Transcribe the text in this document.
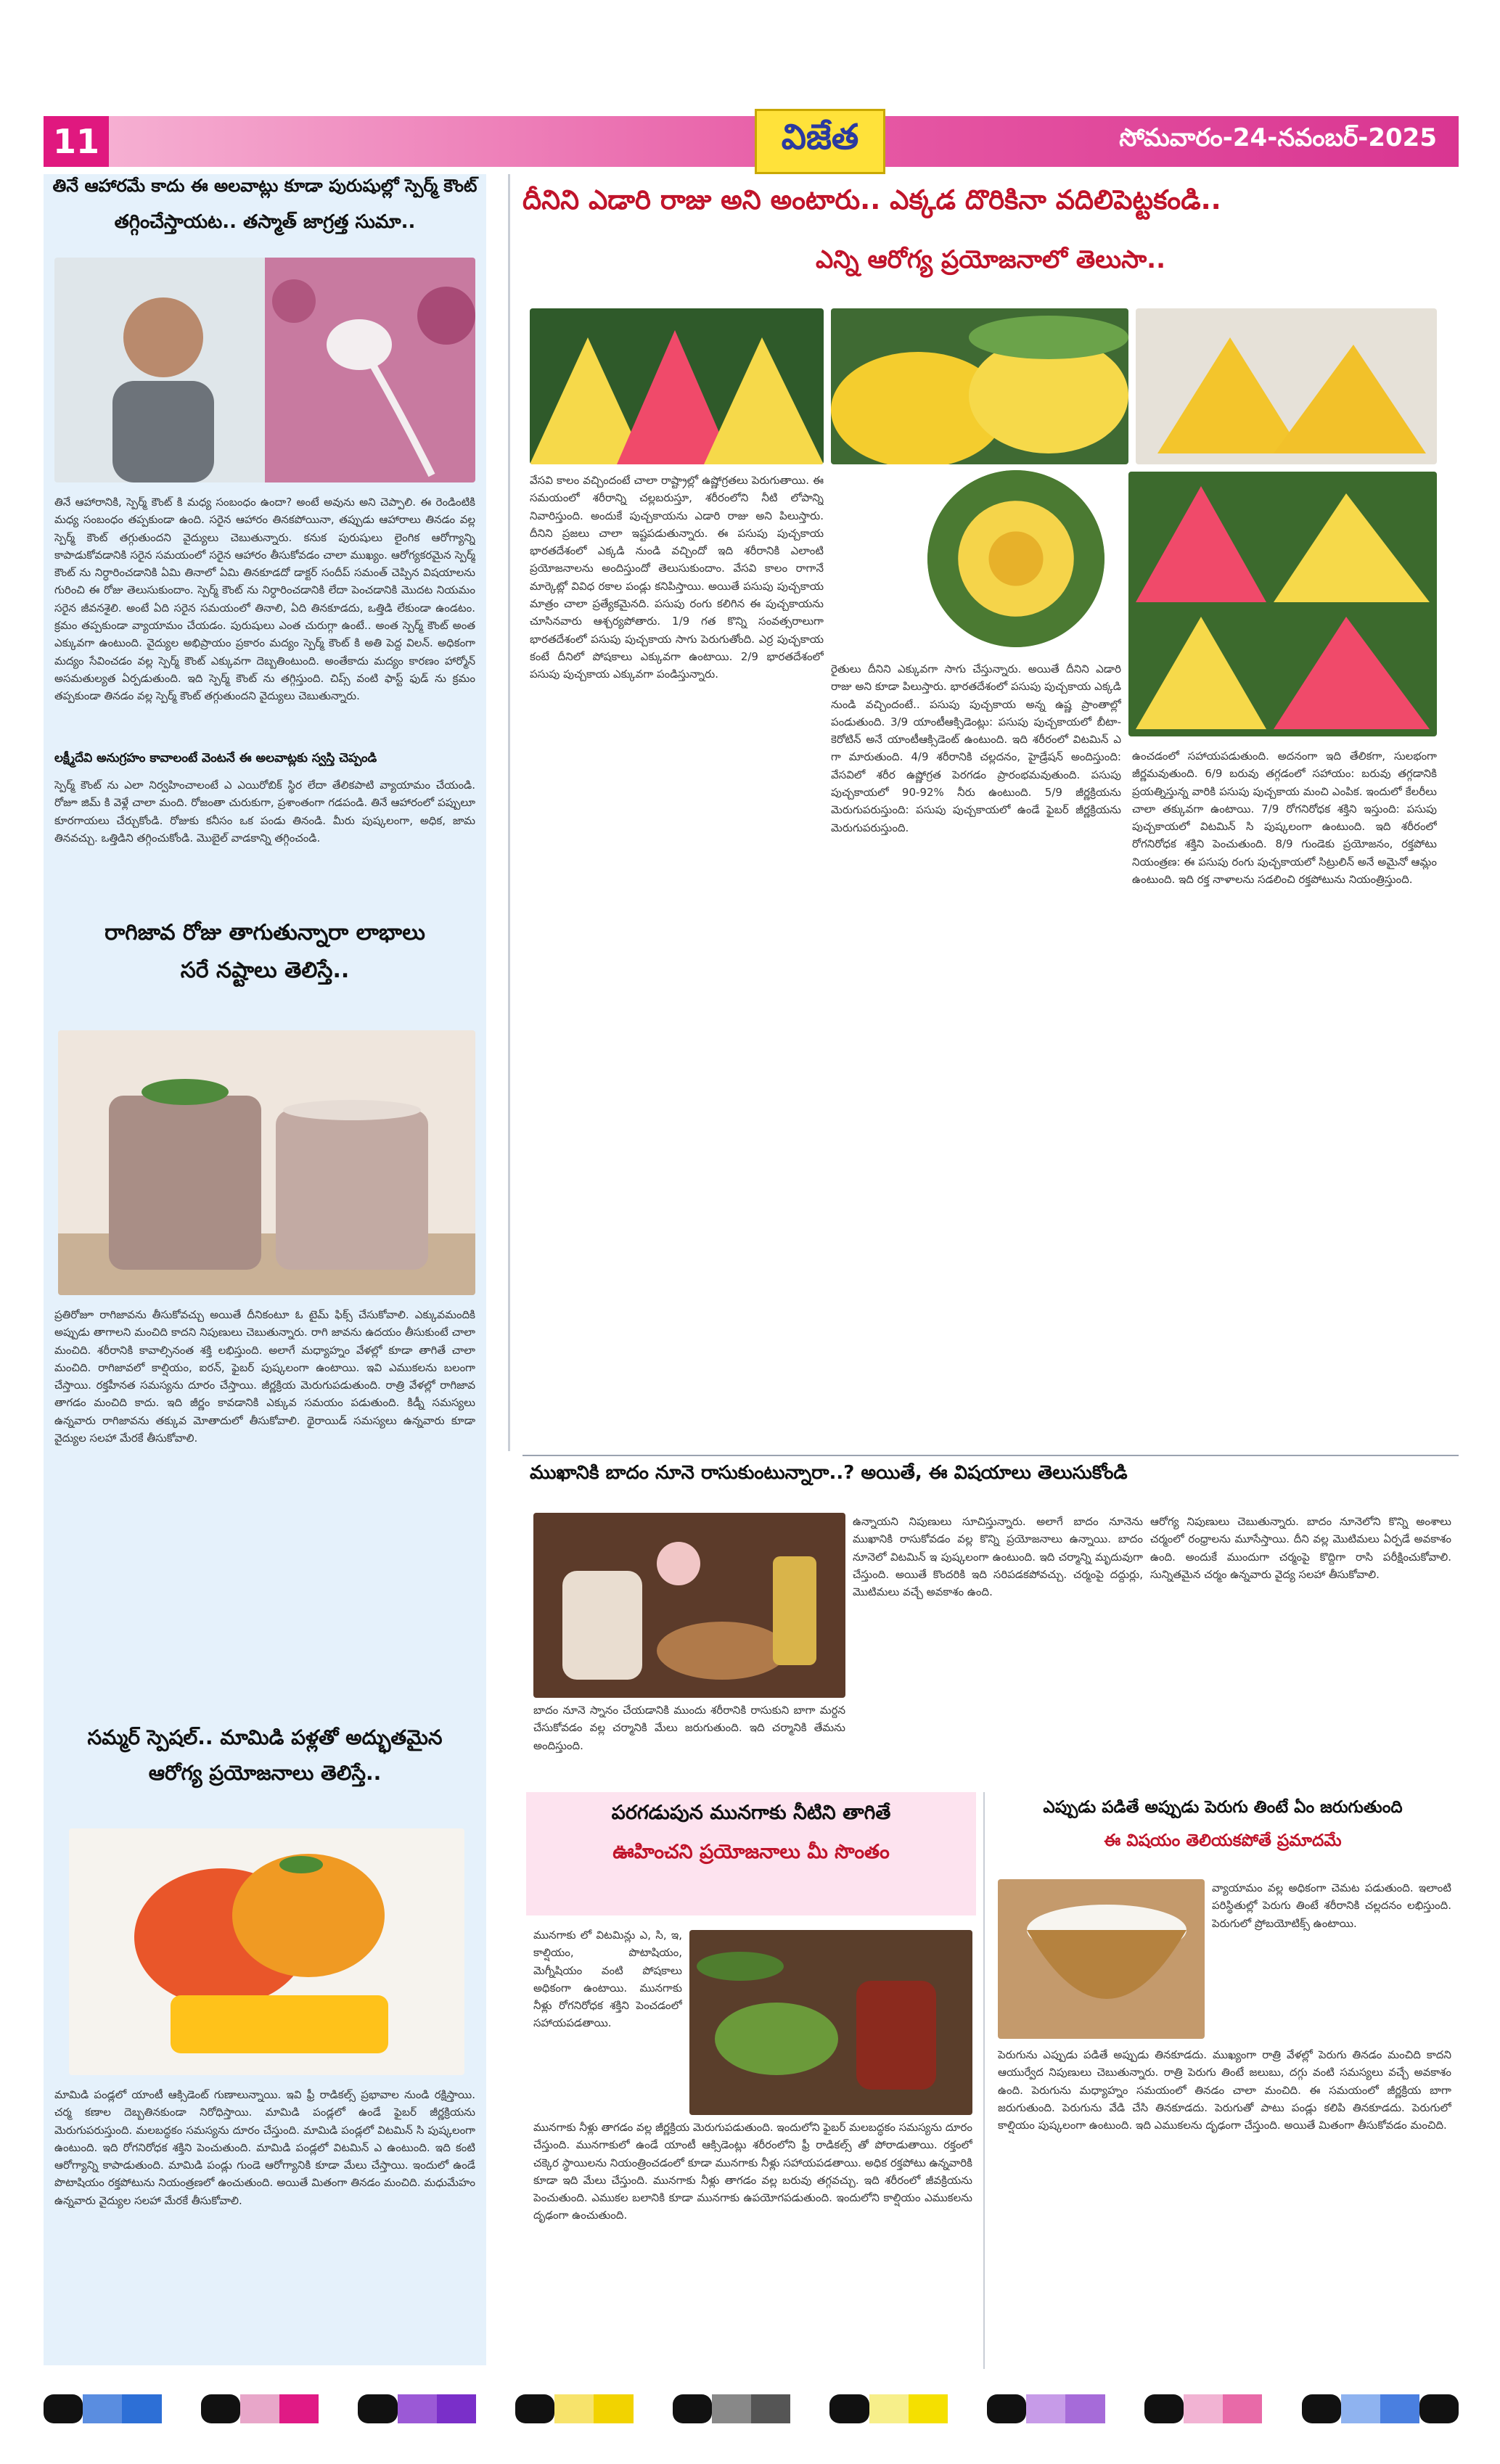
11	విజేత	సోమవారం-24-నవంబర్-2025
తినే ఆహారమే కాదు ఈ అలవాట్లు కూడా పురుషుల్లో స్పెర్మ్ కౌంట్
తగ్గించేస్తాయట.. తస్మాత్ జాగ్రత్త సుమా..
తినే ఆహారానికి, స్పెర్మ్ కౌంట్ కి మధ్య సంబంధం ఉందా? అంటే అవును అని చెప్పాలి. ఈ రెండింటికి మధ్య సంబంధం తప్పకుండా ఉంది. సరైన ఆహారం తినకపోయినా, తప్పుడు ఆహారాలు తినడం వల్ల స్పెర్మ్ కౌంట్ తగ్గుతుందని వైద్యులు చెబుతున్నారు. కనుక పురుషులు లైంగిక ఆరోగ్యాన్ని కాపాడుకోవడానికి సరైన సమయంలో సరైన ఆహారం తీసుకోవడం చాలా ముఖ్యం. ఆరోగ్యకరమైన స్పెర్మ్ కౌంట్ ను నిర్ధారించడానికి ఏమి తినాలో ఏమి తినకూడదో డాక్టర్ సందీప్ సమంత్ చెప్పిన విషయాలను గురించి ఈ రోజు తెలుసుకుందాం. స్పెర్మ్ కౌంట్ ను నిర్ధారించడానికి లేదా పెంచడానికి మొదట నియమం సరైన జీవనశైలి. అంటే ఏది సరైన సమయంలో తినాలి, ఏది తినకూడదు, ఒత్తిడి లేకుండా ఉండటం. క్రమం తప్పకుండా వ్యాయామం చేయడం. పురుషులు ఎంత చురుగ్గా ఉంటే.. అంత స్పెర్మ్ కౌంట్ అంత ఎక్కువగా ఉంటుంది. వైద్యుల అభిప్రాయం ప్రకారం మద్యం స్పెర్మ్ కౌంట్ కి అతి పెద్ద విలన్. అధికంగా మద్యం సేవించడం వల్ల స్పెర్మ్ కౌంట్ ఎక్కువగా దెబ్బతింటుంది. అంతేకాదు మద్యం కారణం హార్మోన్ అసమతుల్యత ఏర్పడుతుంది. ఇది స్పెర్మ్ కౌంట్ ను తగ్గిస్తుంది. చిప్స్ వంటి ఫాస్ట్ ఫుడ్ ను క్రమం తప్పకుండా తినడం వల్ల స్పెర్మ్ కౌంట్ తగ్గుతుందని వైద్యులు చెబుతున్నారు.
లక్ష్మీదేవి అనుగ్రహం కావాలంటే వెంటనే ఈ అలవాట్లకు స్వస్తి చెప్పండి
స్పెర్మ్ కౌంట్ ను ఎలా నిర్వహించాలంటే ఎ ఎయిరోబిక్ స్థిర లేదా తేలికపాటి వ్యాయామం చేయండి. రోజూ జిమ్ కి వెళ్లే చాలా మంది. రోజంతా చురుకుగా, ప్రశాంతంగా గడపండి. తినే ఆహారంలో పప్పులూ కూరగాయలు చేర్చుకోండి. రోజుకు కనీసం ఒక పండు తినండి. మీరు పుష్కలంగా, అధిక, జామ తినవచ్చు. ఒత్తిడిని తగ్గించుకోండి. మొబైల్ వాడకాన్ని తగ్గించండి.
రాగిజావ రోజు తాగుతున్నారా లాభాలు
సరే నష్టాలు తెలిస్తే..
ప్రతిరోజూ రాగిజావను తీసుకోవచ్చు అయితే దీనికంటూ ఓ టైమ్ ఫిక్స్ చేసుకోవాలి. ఎక్కువమందికి అప్పుడు తాగాలని మంచిది కాదని నిపుణులు చెబుతున్నారు. రాగి జావను ఉదయం తీసుకుంటే చాలా మంచిది. శరీరానికి కావాల్సినంత శక్తి లభిస్తుంది. అలాగే మధ్యాహ్నం వేళల్లో కూడా తాగితే చాలా మంచిది. రాగిజావలో కాల్షియం, ఐరన్, ఫైబర్ పుష్కలంగా ఉంటాయి. ఇవి ఎముకలను బలంగా చేస్తాయి. రక్తహీనత సమస్యను దూరం చేస్తాయి. జీర్ణక్రియ మెరుగుపడుతుంది. రాత్రి వేళల్లో రాగిజావ తాగడం మంచిది కాదు. ఇది జీర్ణం కావడానికి ఎక్కువ సమయం పడుతుంది. కిడ్నీ సమస్యలు ఉన్నవారు రాగిజావను తక్కువ మోతాదులో తీసుకోవాలి. థైరాయిడ్ సమస్యలు ఉన్నవారు కూడా వైద్యుల సలహా మేరకే తీసుకోవాలి.
సమ్మర్ స్పెషల్.. మామిడి పళ్లతో అద్భుతమైన
ఆరోగ్య ప్రయోజనాలు తెలిస్తే..
మామిడి పండ్లలో యాంటీ ఆక్సిడెంట్ గుణాలున్నాయి. ఇవి ఫ్రీ రాడికల్స్ ప్రభావాల నుండి రక్షిస్తాయి. చర్మ కణాల దెబ్బతినకుండా నిరోధిస్తాయి. మామిడి పండ్లలో ఉండే ఫైబర్ జీర్ణక్రియను మెరుగుపరుస్తుంది. మలబద్ధకం సమస్యను దూరం చేస్తుంది. మామిడి పండ్లలో విటమిన్ సి పుష్కలంగా ఉంటుంది. ఇది రోగనిరోధక శక్తిని పెంచుతుంది. మామిడి పండ్లలో విటమిన్ ఎ ఉంటుంది. ఇది కంటి ఆరోగ్యాన్ని కాపాడుతుంది. మామిడి పండ్లు గుండె ఆరోగ్యానికి కూడా మేలు చేస్తాయి. ఇందులో ఉండే పొటాషియం రక్తపోటును నియంత్రణలో ఉంచుతుంది. అయితే మితంగా తినడం మంచిది. మధుమేహం ఉన్నవారు వైద్యుల సలహా మేరకే తీసుకోవాలి.
దీనిని ఎడారి రాజు అని అంటారు.. ఎక్కడ దొరికినా వదిలిపెట్టకండి..
ఎన్ని ఆరోగ్య ప్రయోజనాలో తెలుసా..
వేసవి కాలం వచ్చిందంటే చాలా రాష్ట్రాల్లో ఉష్ణోగ్రతలు పెరుగుతాయి. ఈ సమయంలో శరీరాన్ని చల్లబరుస్తూ, శరీరంలోని నీటి లోపాన్ని నివారిస్తుంది. అందుకే పుచ్చకాయను ఎడారి రాజు అని పిలుస్తారు. దీనిని ప్రజలు చాలా ఇష్టపడుతున్నారు. ఈ పసుపు పుచ్చకాయ భారతదేశంలో ఎక్కడి నుండి వచ్చిందో ఇది శరీరానికి ఎలాంటి ప్రయోజనాలను అందిస్తుందో తెలుసుకుందాం. వేసవి కాలం రాగానే మార్కెట్లో వివిధ రకాల పండ్లు కనిపిస్తాయి. అయితే పసుపు పుచ్చకాయ మాత్రం చాలా ప్రత్యేకమైనది. పసుపు రంగు కలిగిన ఈ పుచ్చకాయను చూసినవారు ఆశ్చర్యపోతారు. 1/9 గత కొన్ని సంవత్సరాలుగా భారతదేశంలో పసుపు పుచ్చకాయ సాగు పెరుగుతోంది. ఎర్ర పుచ్చకాయ కంటే దీనిలో పోషకాలు ఎక్కువగా ఉంటాయి. 2/9 భారతదేశంలో పసుపు పుచ్చకాయ ఎక్కువగా పండిస్తున్నారు.	రైతులు దీనిని ఎక్కువగా సాగు చేస్తున్నారు. అయితే దీనిని ఎడారి రాజు అని కూడా పిలుస్తారు. భారతదేశంలో పసుపు పుచ్చకాయ ఎక్కడి నుండి వచ్చిందంటే.. పసుపు పుచ్చకాయ అన్న ఉష్ణ ప్రాంతాల్లో పండుతుంది. 3/9 యాంటీఆక్సిడెంట్లు: పసుపు పుచ్చకాయలో బీటా-కెరోటిన్ అనే యాంటీఆక్సిడెంట్ ఉంటుంది. ఇది శరీరంలో విటమిన్ ఎ గా మారుతుంది. 4/9 శరీరానికి చల్లదనం, హైడ్రేషన్ అందిస్తుంది: వేసవిలో శరీర ఉష్ణోగ్రత పెరగడం ప్రారంభమవుతుంది. పసుపు పుచ్చకాయలో 90-92% నీరు ఉంటుంది. 5/9 జీర్ణక్రియను మెరుగుపరుస్తుంది: పసుపు పుచ్చకాయలో ఉండే ఫైబర్ జీర్ణక్రియను మెరుగుపరుస్తుంది.
ఉంచడంలో సహాయపడుతుంది. అదనంగా ఇది తేలికగా, సులభంగా జీర్ణమవుతుంది. 6/9 బరువు తగ్గడంలో సహాయం: బరువు తగ్గడానికి ప్రయత్నిస్తున్న వారికి పసుపు పుచ్చకాయ మంచి ఎంపిక. ఇందులో కేలరీలు చాలా తక్కువగా ఉంటాయి. 7/9 రోగనిరోధక శక్తిని ఇస్తుంది: పసుపు పుచ్చకాయలో విటమిన్ సి పుష్కలంగా ఉంటుంది. ఇది శరీరంలో రోగనిరోధక శక్తిని పెంచుతుంది. 8/9 గుండెకు ప్రయోజనం, రక్తపోటు నియంత్రణ: ఈ పసుపు రంగు పుచ్చకాయలో సిట్రులిన్ అనే అమైనో ఆమ్లం ఉంటుంది. ఇది రక్త నాళాలను సడలించి రక్తపోటును నియంత్రిస్తుంది.
ముఖానికి బాదం నూనె రాసుకుంటున్నారా..? అయితే, ఈ విషయాలు తెలుసుకోండి
బాదం నూనె స్నానం చేయడానికి ముందు శరీరానికి రాసుకుని బాగా మర్దన చేసుకోవడం వల్ల చర్మానికి మేలు జరుగుతుంది. ఇది చర్మానికి తేమను అందిస్తుంది.
ఉన్నాయని నిపుణులు సూచిస్తున్నారు. అలాగే బాదం నూనెను ముఖానికి రాసుకోవడం వల్ల కొన్ని ప్రయోజనాలు ఉన్నాయి. బాదం నూనెలో విటమిన్ ఇ పుష్కలంగా ఉంటుంది. ఇది చర్మాన్ని మృదువుగా చేస్తుంది. అయితే కొందరికి ఇది సరిపడకపోవచ్చు. చర్మంపై దద్దుర్లు, మొటిమలు వచ్చే అవకాశం ఉంది.
ఆరోగ్య నిపుణులు చెబుతున్నారు. బాదం నూనెలోని కొన్ని అంశాలు చర్మంలో రంధ్రాలను మూసేస్తాయి. దీని వల్ల మొటిమలు ఏర్పడే అవకాశం ఉంది. అందుకే ముందుగా చర్మంపై కొద్దిగా రాసి పరీక్షించుకోవాలి. సున్నితమైన చర్మం ఉన్నవారు వైద్య సలహా తీసుకోవాలి.
పరగడుపున మునగాకు నీటిని తాగితే
ఊహించని ప్రయోజనాలు మీ సొంతం
మునగాకు లో విటమిన్లు ఎ, సి, ఇ, కాల్షియం, పొటాషియం, మెగ్నీషియం వంటి పోషకాలు అధికంగా ఉంటాయి. మునగాకు నీళ్లు రోగనిరోధక శక్తిని పెంచడంలో సహాయపడతాయి.
మునగాకు నీళ్లు తాగడం వల్ల జీర్ణక్రియ మెరుగుపడుతుంది. ఇందులోని ఫైబర్ మలబద్ధకం సమస్యను దూరం చేస్తుంది. మునగాకులో ఉండే యాంటీ ఆక్సిడెంట్లు శరీరంలోని ఫ్రీ రాడికల్స్ తో పోరాడుతాయి. రక్తంలో చక్కెర స్థాయిలను నియంత్రించడంలో కూడా మునగాకు నీళ్లు సహాయపడతాయి. అధిక రక్తపోటు ఉన్నవారికి కూడా ఇది మేలు చేస్తుంది. మునగాకు నీళ్లు తాగడం వల్ల బరువు తగ్గవచ్చు. ఇది శరీరంలో జీవక్రియను పెంచుతుంది. ఎముకల బలానికి కూడా మునగాకు ఉపయోగపడుతుంది. ఇందులోని కాల్షియం ఎముకలను దృఢంగా ఉంచుతుంది.
ఎప్పుడు పడితే అప్పుడు పెరుగు తింటే ఏం జరుగుతుంది
ఈ విషయం తెలియకపోతే ప్రమాదమే
వ్యాయామం వల్ల అధికంగా చెమట పడుతుంది. ఇలాంటి పరిస్థితుల్లో పెరుగు తింటే శరీరానికి చల్లదనం లభిస్తుంది. పెరుగులో ప్రోబయోటిక్స్ ఉంటాయి.
పెరుగును ఎప్పుడు పడితే అప్పుడు తినకూడదు. ముఖ్యంగా రాత్రి వేళల్లో పెరుగు తినడం మంచిది కాదని ఆయుర్వేద నిపుణులు చెబుతున్నారు. రాత్రి పెరుగు తింటే జలుబు, దగ్గు వంటి సమస్యలు వచ్చే అవకాశం ఉంది. పెరుగును మధ్యాహ్నం సమయంలో తినడం చాలా మంచిది. ఈ సమయంలో జీర్ణక్రియ బాగా జరుగుతుంది. పెరుగును వేడి చేసి తినకూడదు. పెరుగుతో పాటు పండ్లు కలిపి తినకూడదు. పెరుగులో కాల్షియం పుష్కలంగా ఉంటుంది. ఇది ఎముకలను దృఢంగా చేస్తుంది. అయితే మితంగా తీసుకోవడం మంచిది.
